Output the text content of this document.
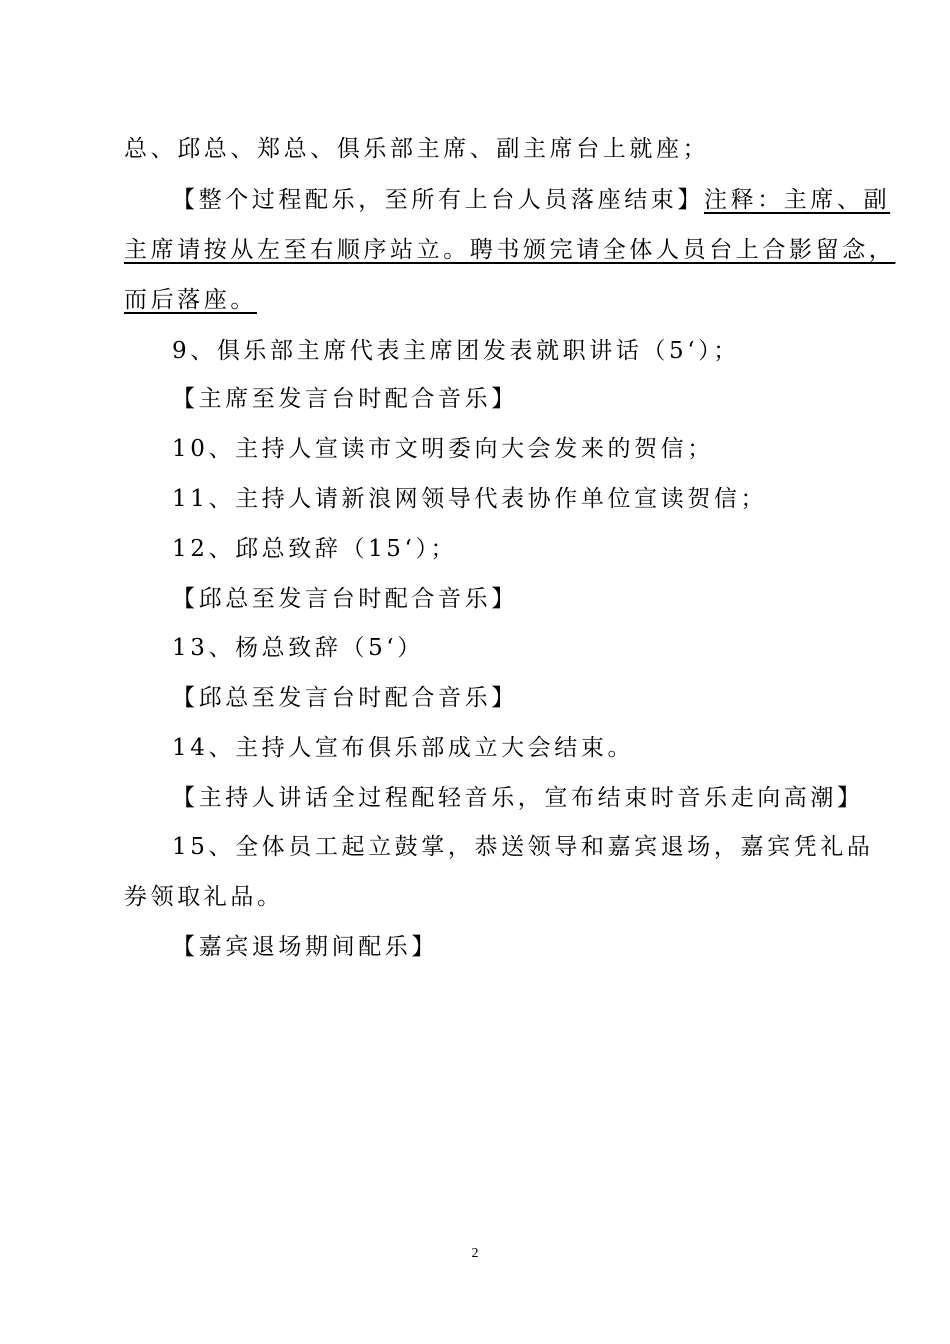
总、邱总、郑总、俱乐部主席、副主席台上就座；
【整个过程配乐，至所有上台人员落座结束】注释：主席、副
主席请按从左至右顺序站立。聘书颁完请全体人员台上合影留念，
而后落座。
9、俱乐部主席代表主席团发表就职讲话（5‘）；
【主席至发言台时配合音乐】
10、主持人宣读市文明委向大会发来的贺信；
11、主持人请新浪网领导代表协作单位宣读贺信；
12、邱总致辞（15‘）；
【邱总至发言台时配合音乐】
13、杨总致辞（5‘）
【邱总至发言台时配合音乐】
14、主持人宣布俱乐部成立大会结束。
【主持人讲话全过程配轻音乐，宣布结束时音乐走向高潮】
15、全体员工起立鼓掌，恭送领导和嘉宾退场，嘉宾凭礼品
券领取礼品。
【嘉宾退场期间配乐】
2
